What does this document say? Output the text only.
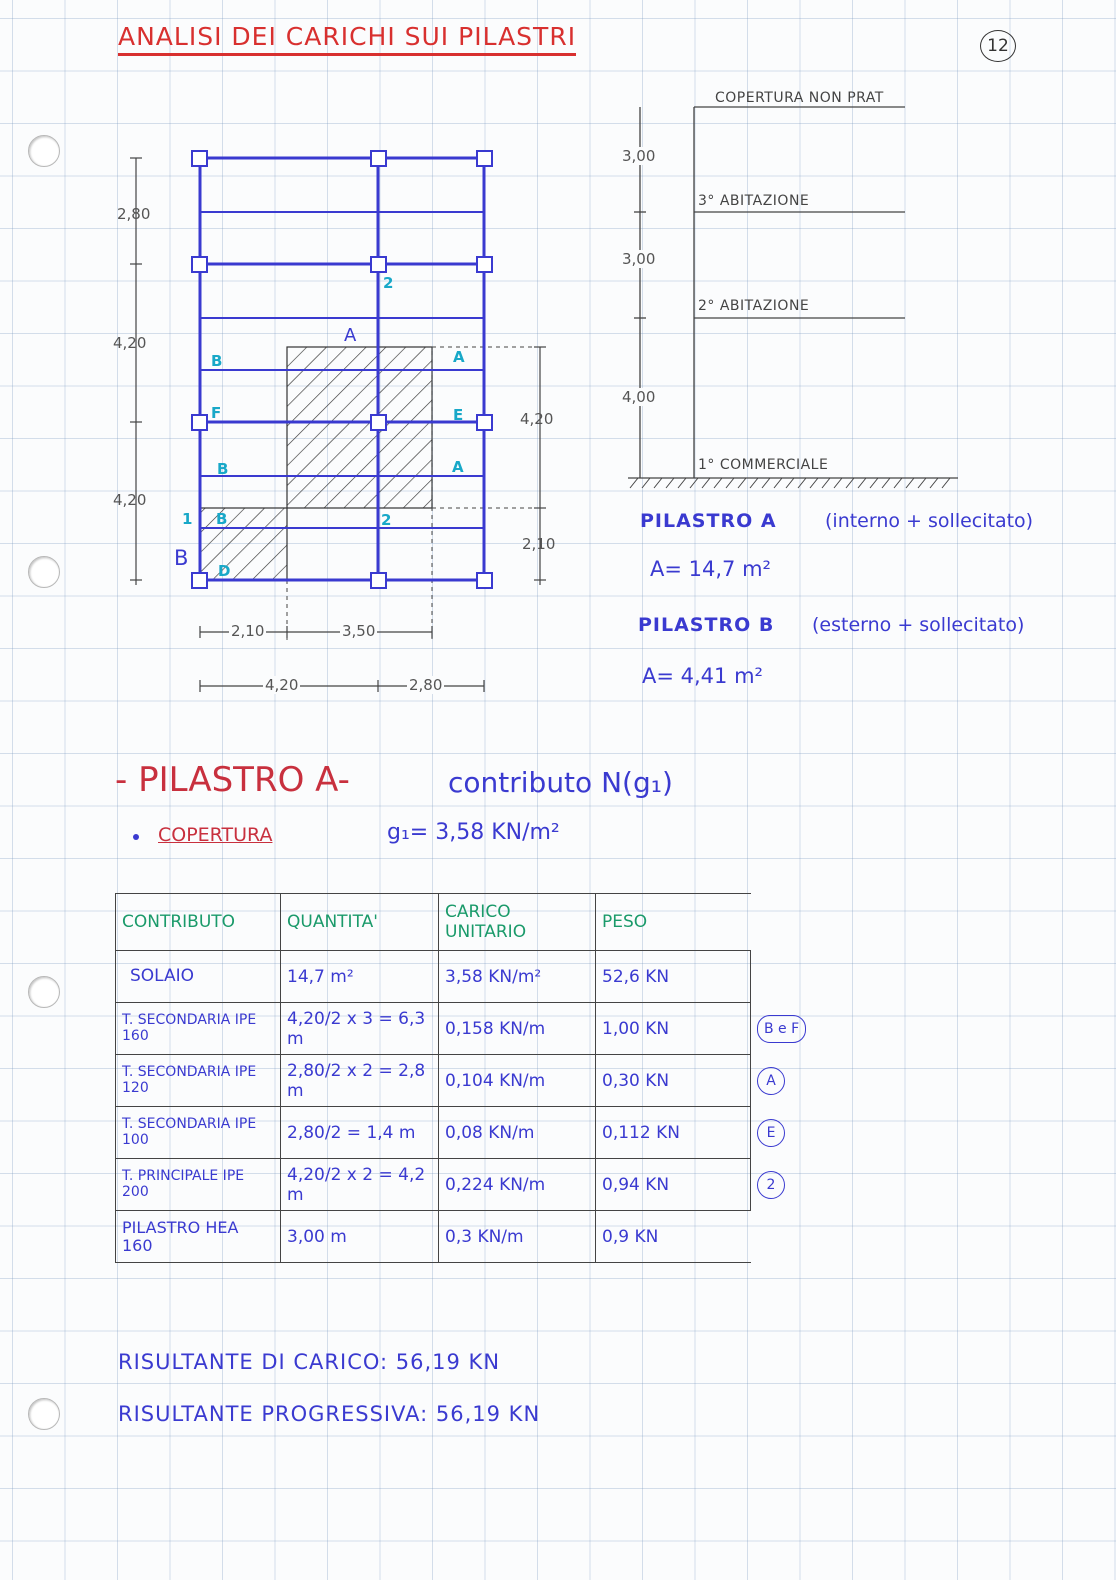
ANALISI DEI CARICHI SUI PILASTRI	12
2,80
4,20
4,20
4,20
2,10
2,10	3,50
4,20	2,80
A
A
A
B
B
B
B
F	E
D
2
2
1
COPERTURA NON PRAT
3,00
3° ABITAZIONE
3,00
2° ABITAZIONE
4,00
1° COMMERCIALE
PILASTRO A	(interno + sollecitato)
A= 14,7 m²
PILASTRO B (esterno + sollecitato)
A= 4,41 m²
- PILASTRO A-	contributo N(g₁)
COPERTURA	g₁= 3,58 KN/m²
CONTRIBUTO	QUANTITA'	CARICO UNITARIO	PESO	
SOLAIO	14,7 m²	3,58 KN/m²	52,6 KN	
T. SECONDARIA IPE 160	4,20/2 x 3 = 6,3 m	0,158 KN/m	1,00 KN	B e F
T. SECONDARIA IPE 120	2,80/2 x 2 = 2,8 m	0,104 KN/m	0,30 KN	A
T. SECONDARIA IPE 100	2,80/2 = 1,4 m	0,08 KN/m	0,112 KN	E
T. PRINCIPALE IPE 200	4,20/2 x 2 = 4,2 m	0,224 KN/m	0,94 KN	2
PILASTRO HEA 160	3,00 m	0,3 KN/m	0,9 KN	
RISULTANTE DI CARICO: 56,19 KN
RISULTANTE PROGRESSIVA: 56,19 KN
